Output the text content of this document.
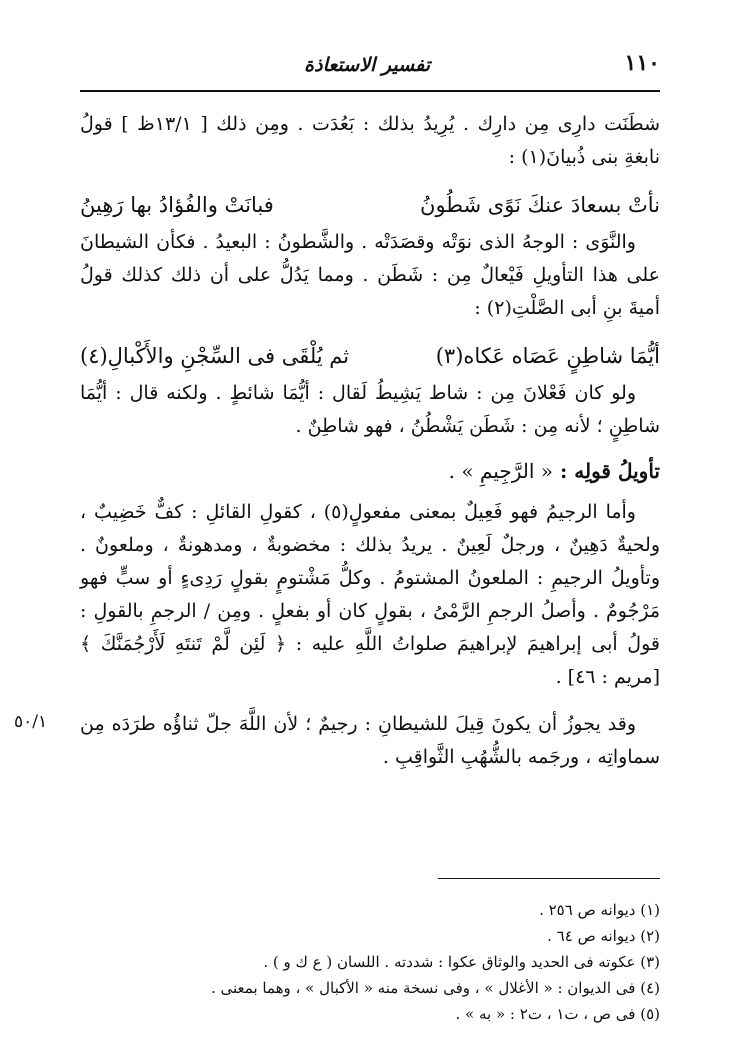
١١٠
تفسير الاستعاذة

شطَنَت دارِى مِن دارِك . يُرِيدُ بذلك : بَعُدَت . ومِن ذلك [ ١٣/١ظ ] قولُ نابغةِ بنى ذُبيانَ(١) :

نأتْ بسعادَ عنكَ نَوًى شَطُونُ
فبانَتْ والفُؤادُ بها رَهِينُ

والنَّوَى : الوجهُ الذى نوَتْه وقصَدَتْه . والشَّطونُ : البعيدُ . فكأن الشيطانَ على هذا التأويلِ فَيْعالٌ مِن : شَطَن . ومما يَدُلُّ على أن ذلك كذلك قولُ أميةَ بنِ أبى الصَّلْتِ(٢) :

أيُّمَا شاطِنٍ عَصَاه عَكاه(٣)
ثم يُلْقَى فى السِّجْنِ والأَكْبالِ(٤)

ولو كان فَعْلانَ مِن : شاط يَشِيطُ لَقال : أيُّمَا شائطٍ . ولكنه قال : أيُّمَا شاطِنٍ ؛ لأنه مِن : شَطَن يَشْطُنُ ، فهو شاطِنٌ .

تأويلُ قولِه : « الرَّجِيمِ » .

وأما الرجيمُ فهو فَعِيلٌ بمعنى مفعولٍ(٥) ، كقولِ القائلِ : كفٌّ خَضِيبٌ ، ولحيةٌ دَهِينٌ ، ورجلٌ لَعِينٌ . يريدُ بذلك : مخضوبةٌ ، ومدهونةٌ ، وملعونٌ . وتأويلُ الرجيمِ : الملعونُ المشتومُ . وكلُّ مَشْتومٍ بقولٍ رَدِىءٍ أو سبٍّ فهو مَرْجُومٌ . وأصلُ الرجمِ الرَّمْىُ ، بقولٍ كان أو بفعلٍ . ومِن / الرجمِ بالقولِ : قولُ أبى إبراهيمَ لإبراهيمَ صلواتُ اللَّهِ عليه : ﴿ لَئِن لَّمْ تَنتَهِ لَأَرْجُمَنَّكَ ﴾ [مريم : ٤٦] .

وقد يجوزُ أن يكونَ قِيلَ للشيطانِ : رجيمٌ ؛ لأن اللَّهَ جلّ ثناؤُه طرَدَه مِن سماواتِه ، ورجَمه بالشُّهُبِ الثَّواقِبِ .

٥٠/١
(١) ديوانه ص ٢٥٦ .
(٢) ديوانه ص ٦٤ .
(٣) عكوته فى الحديد والوثاق عكوا : شددته . اللسان ( ع ك و ) .
(٤) فى الديوان : « الأغلال » ، وفى نسخة منه « الأكبال » ، وهما بمعنى .
(٥) فى ص ، ت١ ، ت٢ : « به » .
